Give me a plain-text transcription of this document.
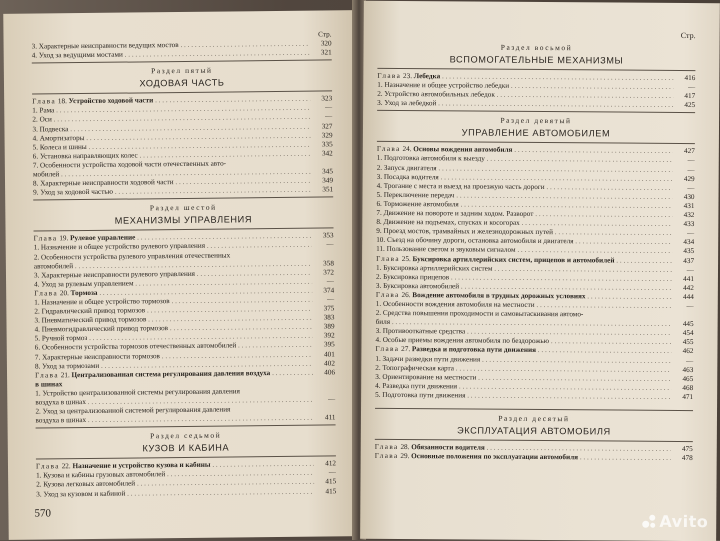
Стр.
3. Характерные неисправности ведущих мостов . . .	320
4. Уход за ведущими мостами . . .	321
Раздел пятый
ХОДОВАЯ ЧАСТЬ
Глава 18. Устройство ходовой части . . .	323
1. Рама . . .	—
2. Оси . . .	—
3. Подвеска . . .	327
4. Амортизаторы . . .	329
5. Колеса и шины . . .	335
6. Установка направляющих колес . . .	342
7. Особенности устройства ходовой части отечественных авто-
мобилей . . .	345
8. Характерные неисправности ходовой части . . .	349
9. Уход за ходовой частью . . .	351
Раздел шестой
МЕХАНИЗМЫ УПРАВЛЕНИЯ
Глава 19. Рулевое управление . . .	353
1. Назначение и общее устройство рулевого управления . . .	—
2. Особенности устройства рулевого управления отечественных
автомобилей . . .	358
3. Характерные неисправности рулевого управления . . .	372
4. Уход за рулевым управлением . . .	—
Глава 20. Тормоза . . .	374
1. Назначение и общее устройство тормозов . . .	—
2. Гидравлический привод тормозов . . .	375
3. Пневматический привод тормозов . . .	383
4. Пневмогидравлический привод тормозов . . .	389
5. Ручной тормоз . . .	392
6. Особенности устройства тормозов отечественных автомобилей . . .	395
7. Характерные неисправности тормозов . . .	401
8. Уход за тормозами . . .	402
Глава 21. Централизованная система регулирования давления воздуха . . .	406
в шинах
1. Устройство централизованной системы регулирования давления
воздуха в шинах . . .	—
2. Уход за централизованной системой регулирования давления
воздуха в шинах . . .	411
Раздел седьмой
КУЗОВ И КАБИНА
Глава 22. Назначение и устройство кузова и кабины . . .	412
1. Кузова и кабины грузовых автомобилей . . .	—
2. Кузова легковых автомобилей . . .	415
3. Уход за кузовом и кабиной . . .	415
570
Стр.
Раздел восьмой
ВСПОМОГАТЕЛЬНЫЕ МЕХАНИЗМЫ
Глава 23. Лебедка . . .	416
1. Назначение и общее устройство лебедки . . .	—
2. Устройство автомобильных лебедок . . .	417
3. Уход за лебедкой . . .	425
Раздел девятый
УПРАВЛЕНИЕ АВТОМОБИЛЕМ
Глава 24. Основы вождения автомобиля . . .	427
1. Подготовка автомобиля к выезду . . .	—
2. Запуск двигателя . . .	—
3. Посадка водителя . . .	429
4. Трогание с места и выезд на проезжую часть дороги . . .	—
5. Переключение передач . . .	430
6. Торможение автомобиля . . .	431
7. Движение на повороте и задним ходом. Разворот . . .	432
8. Движение на подъемах, спусках и косогорах . . .	433
9. Проезд мостов, трамвайных и железнодорожных путей . . .	—
10. Съезд на обочину дороги, остановка автомобиля и двигателя . . .	434
11. Пользование светом и звуковым сигналом . . .	435
Глава 25. Буксировка артиллерийских систем, прицепов и автомобилей . . .	437
1. Буксировка артиллерийских систем . . .	—
2. Буксировка прицепов . . .	441
3. Буксировка автомобилей . . .	442
Глава 26. Вождение автомобиля в трудных дорожных условиях . . .	444
1. Особенности вождения автомобиля на местности . . .	—
2. Средства повышения проходимости и самовытаскивания автомо-
биля . . .	445
3. Противооткатные средства . . .	454
4. Особые приемы вождения автомобиля по бездорожью . . .	455
Глава 27. Разведка и подготовка пути движения . . .	462
1. Задачи разведки пути движения . . .	—
2. Топографическая карта . . .	463
3. Ориентирование на местности . . .	465
4. Разведка пути движения . . .	468
5. Подготовка пути движения . . .	471
Раздел десятый
ЭКСПЛУАТАЦИЯ АВТОМОБИЛЯ
Глава 28. Обязанности водителя . . .	475
Глава 29. Основные положения по эксплуатации автомобиля . . .	478
Avito
